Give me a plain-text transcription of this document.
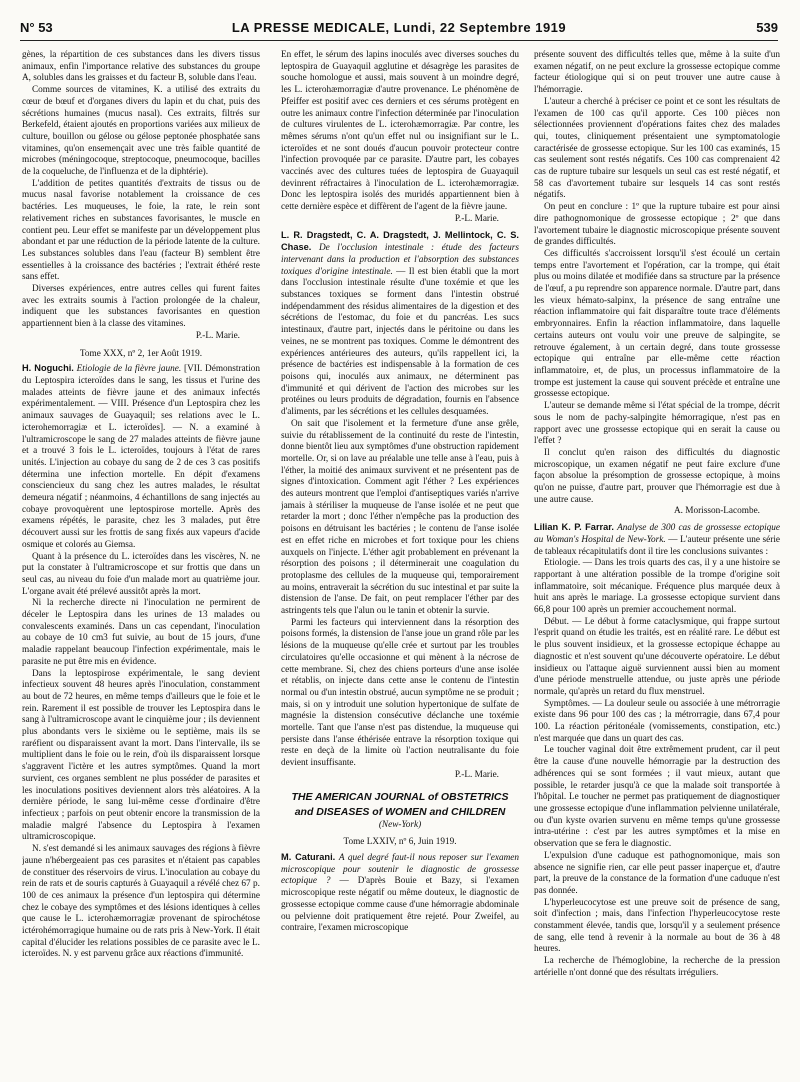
N° 53	LA PRESSE MEDICALE, Lundi, 22 Septembre 1919	539

gènes, la répartition de ces substances dans les divers tissus animaux, enfin l'importance relative des substances du groupe A, solubles dans les graisses et du facteur B, soluble dans l'eau.

Comme sources de vitamines, K. a utilisé des extraits du cœur de bœuf et d'organes divers du lapin et du chat, puis des sécrétions humaines (mucus nasal). Ces extraits, filtrés sur Berkefeld, étaient ajoutés en proportions variées aux milieux de culture, bouillon ou gélose ou gélose peptonée phosphatée sans vitamines, qu'on ensemençait avec une très faible quantité de microbes (méningocoque, streptocoque, pneumocoque, bacilles de la coqueluche, de l'influenza et de la diphtérie).

L'addition de petites quantités d'extraits de tissus ou de mucus nasal favorise notablement la croissance de ces bactéries. Les muqueuses, le foie, la rate, le rein sont relativement riches en substances favorisantes, le muscle en contient peu. Leur effet se manifeste par un développement plus abondant et par une réduction de la période latente de la culture. Les substances solubles dans l'eau (facteur B) semblent être essentielles à la croissance des bactéries ; l'extrait éthéré reste sans effet.

Diverses expériences, entre autres celles qui furent faites avec les extraits soumis à l'action prolongée de la chaleur, indiquent que les substances favorisantes en question appartiennent bien à la classe des vitamines.

P.-L. Marie.
Tome XXX, nº 2, 1er Août 1919.

H. Noguchi. Etiologie de la fièvre jaune. [VII. Démonstration du Leptospira icteroïdes dans le sang, les tissus et l'urine des malades atteints de fièvre jaune et des animaux infectés expérimentalement. — VIII. Présence d'un Leptospira chez les animaux sauvages de Guayaquil; ses relations avec le L. icterohemorragiæ et L. icteroïdes]. — N. a examiné à l'ultramicroscope le sang de 27 malades atteints de fièvre jaune et a trouvé 3 fois le L. icteroïdes, toujours à l'état de rares unités. L'injection au cobaye du sang de 2 de ces 3 cas positifs détermina une infection mortelle. En dépit d'examens consciencieux du sang chez les autres malades, le résultat demeura négatif ; néanmoins, 4 échantillons de sang injectés au cobaye provoquèrent une leptospirose mortelle. Après des examens répétés, le parasite, chez les 3 malades, put être découvert aussi sur les frottis de sang fixés aux vapeurs d'acide osmique et colorés au Giemsa.

Quant à la présence du L. icteroïdes dans les viscères, N. ne put la constater à l'ultramicroscope et sur frottis que dans un seul cas, au niveau du foie d'un malade mort au quatrième jour. L'organe avait été prélevé aussitôt après la mort.

Ni la recherche directe ni l'inoculation ne permirent de déceler le Leptospira dans les urines de 13 malades ou convalescents examinés. Dans un cas cependant, l'inoculation au cobaye de 10 cm3 fut suivie, au bout de 15 jours, d'une maladie rappelant beaucoup l'infection expérimentale, mais le parasite ne put être mis en évidence.

Dans la leptospirose expérimentale, le sang devient infectieux souvent 48 heures après l'inoculation, constamment au bout de 72 heures, en même temps d'ailleurs que le foie et le rein. Rarement il est possible de trouver les Leptospira dans le sang à l'ultramicroscope avant le cinquième jour ; ils deviennent plus abondants vers le sixième ou le septième, mais ils se raréfient ou disparaissent avant la mort. Dans l'intervalle, ils se multiplient dans le foie ou le rein, d'où ils disparaissent lorsque s'aggravent l'ictère et les autres symptômes. Quand la mort survient, ces organes semblent ne plus posséder de parasites et les inoculations positives deviennent alors très aléatoires. A la dernière période, le sang lui-même cesse d'ordinaire d'être infectieux ; parfois on peut obtenir encore la transmission de la maladie malgré l'absence du Leptospira à l'examen ultramicroscopique.

N. s'est demandé si les animaux sauvages des régions à fièvre jaune n'hébergeaient pas ces parasites et n'étaient pas capables de constituer des réservoirs de virus. L'inoculation au cobaye du rein de rats et de souris capturés à Guayaquil a révélé chez 67 p. 100 de ces animaux la présence d'un leptospira qui détermine chez le cobaye des symptômes et des lésions identiques à celles que cause le L. icterohæmorragiæ provenant de spirochétose ictérohémorragique humaine ou de rats pris à New-York. Il était capital d'élucider les relations possibles de ce parasite avec le L. icteroïdes. N. y est parvenu grâce aux réactions d'immunité.

En effet, le sérum des lapins inoculés avec diverses souches du leptospira de Guayaquil agglutine et désagrège les parasites de souche homologue et aussi, mais souvent à un moindre degré, les L. icterohæmorragiæ d'autre provenance. Le phénomène de Pfeiffer est positif avec ces derniers et ces sérums protègent en outre les animaux contre l'infection déterminée par l'inoculation de cultures virulentes de L. icterohæmorragiæ. Par contre, les mêmes sérums n'ont qu'un effet nul ou insignifiant sur le L. icteroïdes et ne sont doués d'aucun pouvoir protecteur contre l'infection provoquée par ce parasite. D'autre part, les cobayes vaccinés avec des cultures tuées de leptospira de Guayaquil devinrent réfractaires à l'inoculation de L. icterohæmorragiæ. Donc les leptospira isolés des muridés appartiennent bien à cette dernière espèce et diffèrent de l'agent de la fièvre jaune.

P.-L. Marie.

L. R. Dragstedt, C. A. Dragstedt, J. Mellintock, C. S. Chase. De l'occlusion intestinale : étude des facteurs intervenant dans la production et l'absorption des substances toxiques d'origine intestinale. — Il est bien établi que la mort dans l'occlusion intestinale résulte d'une toxémie et que les substances toxiques se forment dans l'intestin obstrué indépendamment des résidus alimentaires de la digestion et des sécrétions de l'estomac, du foie et du pancréas. Les sucs intestinaux, d'autre part, injectés dans le péritoine ou dans les veines, ne se montrent pas toxiques. Comme le démontrent des expériences antérieures des auteurs, qu'ils rappellent ici, la présence de bactéries est indispensable à la formation de ces poisons qui, inoculés aux animaux, ne déterminent pas d'immunité et qui dérivent de l'action des microbes sur les protéines ou leurs produits de dégradation, fournis en l'absence d'aliments, par les sécrétions et les cellules desquamées.

On sait que l'isolement et la fermeture d'une anse grêle, suivie du rétablissement de la continuité du reste de l'intestin, donne bientôt lieu aux symptômes d'une obstruction rapidement mortelle. Or, si on lave au préalable une telle anse à l'eau, puis à l'éther, la moitié des animaux survivent et ne présentent pas de signes d'intoxication. Comment agit l'éther ? Les expériences des auteurs montrent que l'emploi d'antiseptiques variés n'arrive jamais à stériliser la muqueuse de l'anse isolée et ne peut que retarder la mort ; donc l'éther n'empêche pas la production des poisons en détruisant les bactéries ; le contenu de l'anse isolée est en effet riche en microbes et fort toxique pour les chiens auxquels on l'injecte. L'éther agit probablement en prévenant la résorption des poisons ; il déterminerait une coagulation du protoplasme des cellules de la muqueuse qui, temporairement au moins, entraverait la sécrétion du suc intestinal et par suite la distension de l'anse. De fait, on peut remplacer l'éther par des astringents tels que l'alun ou le tanin et obtenir la survie.

Parmi les facteurs qui interviennent dans la résorption des poisons formés, la distension de l'anse joue un grand rôle par les lésions de la muqueuse qu'elle crée et surtout par les troubles circulatoires qu'elle occasionne et qui mènent à la nécrose de cette membrane. Si, chez des chiens porteurs d'une anse isolée et rétablis, on injecte dans cette anse le contenu de l'intestin normal ou d'un intestin obstrué, aucun symptôme ne se produit ; mais, si on y introduit une solution hypertonique de sulfate de magnésie la distension consécutive déclanche une toxémie mortelle. Tant que l'anse n'est pas distendue, la muqueuse qui persiste dans l'anse éthérisée entrave la résorption toxique qui reste en deçà de la limite où l'action neutralisante du foie devient insuffisante.

P.-L. Marie.
THE AMERICAN JOURNAL of OBSTETRICS and DISEASES of WOMEN and CHILDREN
(New-York)
Tome LXXIV, nº 6, Juin 1919.

M. Caturani. A quel degré faut-il nous reposer sur l'examen microscopique pour soutenir le diagnostic de grossesse ectopique ? — D'après Bouie et Bazy, si l'examen microscopique reste négatif ou même douteux, le diagnostic de grossesse ectopique comme cause d'une hémorragie abdominale ou pelvienne doit pratiquement être rejeté. Pour Zweifel, au contraire, l'examen microscopique

présente souvent des difficultés telles que, même à la suite d'un examen négatif, on ne peut exclure la grossesse ectopique comme facteur étiologique qui si on peut trouver une autre cause à l'hémorragie.

L'auteur a cherché à préciser ce point et ce sont les résultats de l'examen de 100 cas qu'il apporte. Ces 100 pièces non sélectionnées proviennent d'opérations faites chez des malades qui, toutes, cliniquement présentaient une symptomatologie caractérisée de grossesse ectopique. Sur les 100 cas examinés, 15 cas seulement sont restés négatifs. Ces 100 cas comprenaient 42 cas de rupture tubaire sur lesquels un seul cas est resté négatif, et 58 cas d'avortement tubaire sur lesquels 14 cas sont restés négatifs.

On peut en conclure : 1º que la rupture tubaire est pour ainsi dire pathognomonique de grossesse ectopique ; 2º que dans l'avortement tubaire le diagnostic microscopique présente souvent de grandes difficultés.

Ces difficultés s'accroissent lorsqu'il s'est écoulé un certain temps entre l'avortement et l'opération, car la trompe, qui était plus ou moins dilatée et modifiée dans sa structure par la présence de l'œuf, a pu reprendre son apparence normale. D'autre part, dans les vieux hémato-salpinx, la présence de sang entraîne une réaction inflammatoire qui fait disparaître toute trace d'éléments embryonnaires. Enfin la réaction inflammatoire, dans laquelle certains auteurs ont voulu voir une preuve de salpingite, se retrouve également, à un certain degré, dans toute grossesse ectopique qui entraîne par elle-même cette réaction inflammatoire, et, de plus, un processus inflammatoire de la trompe est justement la cause qui souvent précède et entraîne une grossesse ectopique.

L'auteur se demande même si l'état spécial de la trompe, décrit sous le nom de pachy-salpingite hémorragique, n'est pas en rapport avec une grossesse ectopique qui en serait la cause ou l'effet ?

Il conclut qu'en raison des difficultés du diagnostic microscopique, un examen négatif ne peut faire exclure d'une façon absolue la présomption de grossesse ectopique, à moins qu'on ne puisse, d'autre part, prouver que l'hémorragie est due à une autre cause.

A. Morisson-Lacombe.

Lilian K. P. Farrar. Analyse de 300 cas de grossesse ectopique au Woman's Hospital de New-York. — L'auteur présente une série de tableaux récapitulatifs dont il tire les conclusions suivantes :

Etiologie. — Dans les trois quarts des cas, il y a une histoire se rapportant à une altération possible de la trompe d'origine soit inflammatoire, soit mécanique. Fréquence plus marquée deux à huit ans après le mariage. La grossesse ectopique survient dans 66,8 pour 100 après un premier accouchement normal.

Début. — Le début à forme cataclysmique, qui frappe surtout l'esprit quand on étudie les traités, est en réalité rare. Le début est le plus souvent insidieux, et la grossesse ectopique échappe au diagnostic et n'est souvent qu'une découverte opératoire. Le début insidieux ou l'attaque aiguë surviennent aussi bien au moment d'une période menstruelle attendue, ou juste après une période normale, qu'après un retard du flux menstruel.

Symptômes. — La douleur seule ou associée à une métrorragie existe dans 96 pour 100 des cas ; la métrorragie, dans 67,4 pour 100. La réaction péritonéale (vomissements, constipation, etc.) n'est marquée que dans un quart des cas.

Le toucher vaginal doit être extrêmement prudent, car il peut être la cause d'une nouvelle hémorragie par la destruction des adhérences qui se sont formées ; il vaut mieux, autant que possible, le retarder jusqu'à ce que la malade soit transportée à l'hôpital. Le toucher ne permet pas pratiquement de diagnostiquer une grossesse ectopique d'une inflammation pelvienne unilatérale, ou d'un kyste ovarien survenu en même temps qu'une grossesse intra-utérine : c'est par les autres symptômes et la mise en observation que se fera le diagnostic.

L'expulsion d'une caduque est pathognomonique, mais son absence ne signifie rien, car elle peut passer inaperçue et, d'autre part, la preuve de la constance de la formation d'une caduque n'est pas donnée.

L'hyperleucocytose est une preuve soit de présence de sang, soit d'infection ; mais, dans l'infection l'hyperleucocytose reste constamment élevée, tandis que, lorsqu'il y a seulement présence de sang, elle tend à revenir à la normale au bout de 36 à 48 heures.

La recherche de l'hémoglobine, la recherche de la pression artérielle n'ont donné que des résultats irréguliers.
